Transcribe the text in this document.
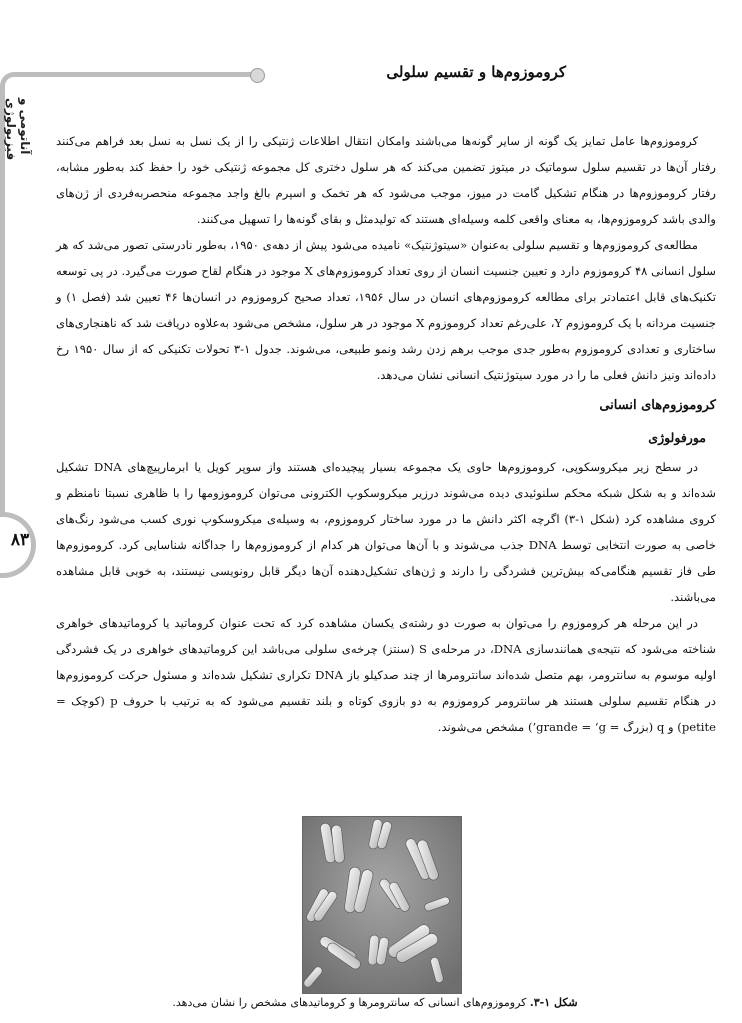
۸۳
آناتومی و فیزیولوژی
کروموزوم‌ها و تقسیم سلولی

کروموزوم‌ها عامل تمایز یک گونه از سایر گونه‌ها می‌باشند وامکان انتقال اطلاعات ژنتیکی را از یک نسل به نسل بعد فراهم می‌کنند رفتار آن‌ها در تقسیم سلول سوماتیک در میتوز تضمین می‌کند که هر سلول دختری کل مجموعه ژنتیکی خود را حفظ کند به‌طور مشابه، رفتار کروموزوم‌ها در هنگام تشکیل گامت در میوز، موجب می‌شود که هر تخمک و اسپرم بالغ واجد مجموعه منحصربه‌فردی از ژن‌های والدی باشد کروموزوم‌ها، به معنای واقعی کلمه وسیله‌ای هستند که تولیدمثل و بقای گونه‌ها را تسهیل می‌کنند.

مطالعه‌ی کروموزوم‌ها و تقسیم سلولی به‌عنوان «سیتوژنتیک» نامیده می‌شود پیش از دهه‌ی ۱۹۵۰، به‌طور نادرستی تصور می‌شد که هر سلول انسانی ۴۸ کروموزوم دارد و تعیین جنسیت انسان از روی تعداد کروموزوم‌های X موجود در هنگام لقاح صورت می‌گیرد. در پی توسعه تکنیک‌های قابل اعتمادتر برای مطالعه کروموزوم‌های انسان در سال ۱۹۵۶، تعداد صحیح کروموزوم در انسان‌ها ۴۶ تعیین شد (فصل ۱) و جنسیت مردانه با یک کروموزوم Y، علی‌رغم تعداد کروموزوم X موجود در هر سلول، مشخص می‌شود به‌علاوه دریافت شد که ناهنجاری‌های ساختاری و تعدادی کروموزوم به‌طور جدی موجب برهم زدن رشد ونمو طبیعی، می‌شوند. جدول ۱-۳ تحولات تکنیکی که از سال ۱۹۵۰ رخ داده‌اند ونیز دانش فعلی ما را در مورد سیتوژنتیک انسانی نشان می‌دهد.

کروموزوم‌های انسانی
مورفولوژی

در سطح زیر میکروسکوپی، کروموزوم‌ها حاوی یک مجموعه بسیار پیچیده‌ای هستند واز سوپر کویل یا ابرمارپیچ‌های DNA تشکیل شده‌اند و به شکل شبکه محکم سلنوئیدی دیده می‌شوند درزیر میکروسکوپ الکترونی می‌توان کروموزومها را با ظاهری نسبتا نامنظم و کروی مشاهده کرد (شکل ۱-۳) اگرچه اکثر دانش ما در مورد ساختار کروموزوم، به وسیله‌ی میکروسکوپ نوری کسب می‌شود رنگ‌های خاصی به صورت انتخابی توسط DNA جذب می‌شوند و با آن‌ها می‌توان هر کدام از کروموزوم‌ها را جداگانه شناسایی کرد. کروموزوم‌ها طی فاز تقسیم هنگامی‌که بیش‌ترین فشردگی را دارند و ژن‌های تشکیل‌دهنده آن‌ها دیگر قابل رونویسی نیستند، به خوبی قابل مشاهده می‌باشند.

در این مرحله هر کروموزوم را می‌توان به صورت دو رشته‌ی یکسان مشاهده کرد که تحت عنوان کروماتید یا کروماتیدهای خواهری شناخته می‌شود که نتیجه‌ی همانندسازی DNA، در مرحله‌ی S (سنتز) چرخه‌ی سلولی می‌باشد این کروماتیدهای خواهری در یک فشردگی اولیه موسوم به سانترومر، بهم متصل شده‌اند سانترومرها از چند صدکیلو باز DNA تکراری تشکیل شده‌اند و مسئول حرکت کروموزوم‌ها در هنگام تقسیم سلولی هستند هر سانترومر کروموزوم به دو بازوی کوتاه و بلند تقسیم می‌شود که به ترتیب با حروف p (کوچک = petite) و q (بزرگ = grande = ‘g’) مشخص می‌شوند.

شکل ۱-۳. کروموزوم‌های انسانی که سانترومرها و کروماتیدهای مشخص را نشان می‌دهد.
